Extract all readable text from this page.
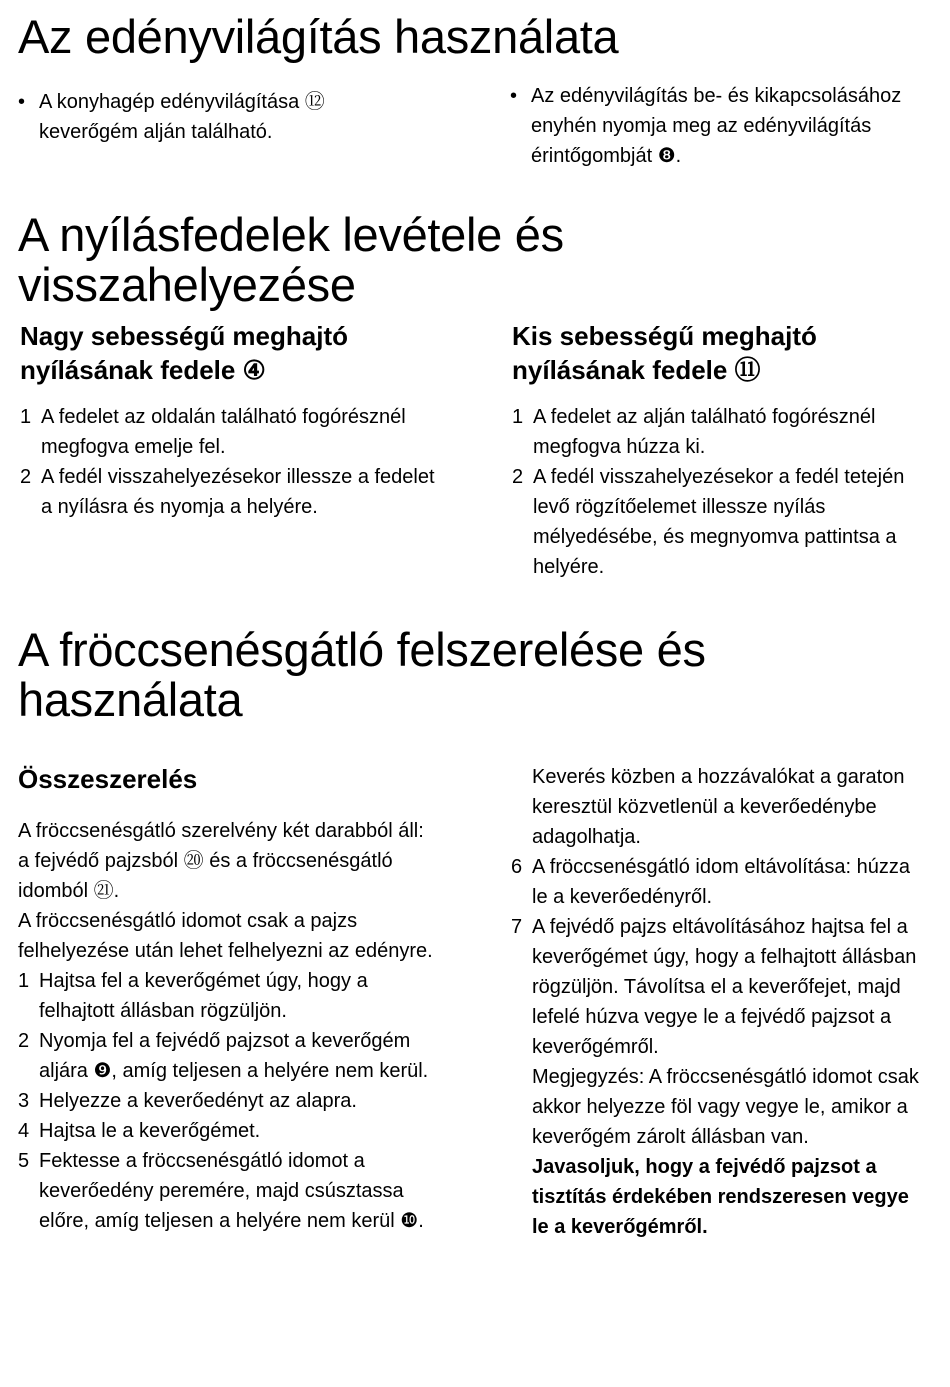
Az edényvilágítás használata
• A konyhagép edényvilágítása ⑫ keverőgém alján található.
• Az edényvilágítás be- és kikapcsolásához enyhén nyomja meg az edényvilágítás érintőgombját ❽.
A nyílásfedelek levétele és
visszahelyezése
Nagy sebességű meghajtó
nyílásának fedele ④
1 A fedelet az oldalán található fogórésznél megfogva emelje fel.
2 A fedél visszahelyezésekor illessze a fedelet a nyílásra és nyomja a helyére.
Kis sebességű meghajtó
nyílásának fedele ⑪
1 A fedelet az alján található fogórésznél megfogva húzza ki.
2 A fedél visszahelyezésekor a fedél tetején levő rögzítőelemet illessze nyílás mélyedésébe, és megnyomva pattintsa a helyére.
A fröccsenésgátló felszerelése és
használata
Összeszerelés

A fröccsenésgátló szerelvény két darabból áll: a fejvédő pajzsból ⑳ és a fröccsenésgátló idomból ㉑.

A fröccsenésgátló idomot csak a pajzs felhelyezése után lehet felhelyezni az edényre.

1 Hajtsa fel a keverőgémet úgy, hogy a felhajtott állásban rögzüljön.
2 Nyomja fel a fejvédő pajzsot a keverőgém aljára ❾, amíg teljesen a helyére nem kerül.
3 Helyezze a keverőedényt az alapra.
4 Hajtsa le a keverőgémet.
5 Fektesse a fröccsenésgátló idomot a keverőedény peremére, majd csúsztassa előre, amíg teljesen a helyére nem kerül ❿.

Keverés közben a hozzávalókat a garaton keresztül közvetlenül a keverőedénybe adagolhatja.

6 A fröccsenésgátló idom eltávolítása: húzza le a keverőedényről.
7 A fejvédő pajzs eltávolításához hajtsa fel a keverőgémet úgy, hogy a felhajtott állásban rögzüljön. Távolítsa el a keverőfejet, majd lefelé húzva vegye le a fejvédő pajzsot a keverőgémről.

Megjegyzés: A fröccsenésgátló idomot csak akkor helyezze föl vagy vegye le, amikor a keverőgém zárolt állásban van.

Javasoljuk, hogy a fejvédő pajzsot a tisztítás érdekében rendszeresen vegye le a keverőgémről.
